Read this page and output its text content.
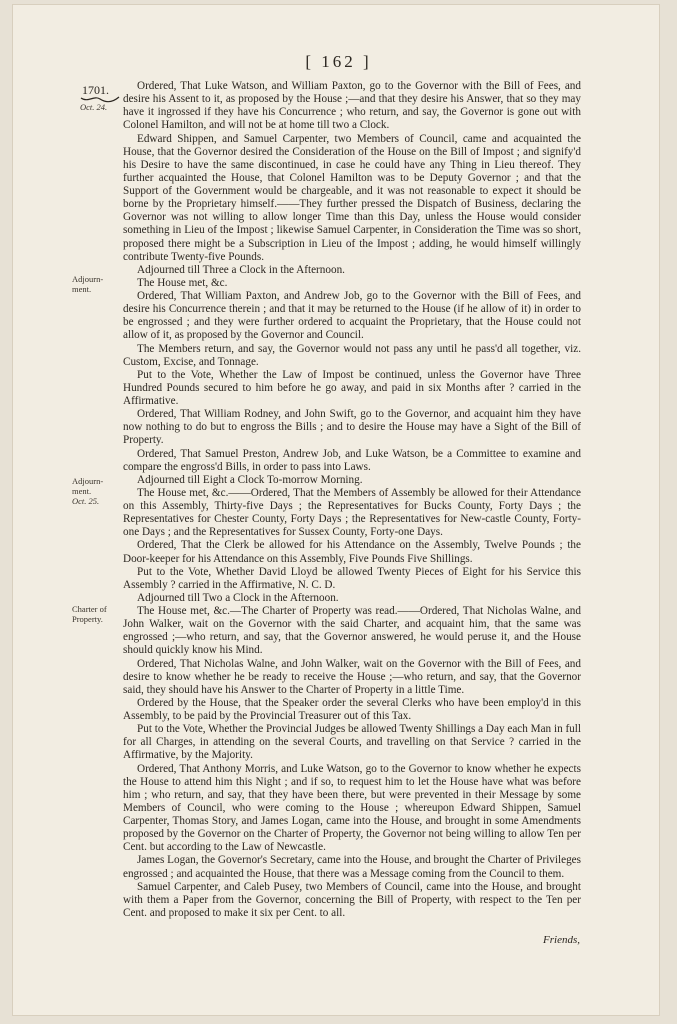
[ 162 ]
1701.
Oct. 24.
Adjourn-
ment.
Adjourn-
ment.
Oct. 25.
Charter of
Property.

Ordered, That Luke Watson, and William Paxton, go to the Governor with the Bill of Fees, and desire his Assent to it, as proposed by the House ;—and that they desire his Answer, that so they may have it ingrossed if they have his Concurrence ; who return, and say, the Governor is gone out with Colonel Hamilton, and will not be at home till two a Clock.

Edward Shippen, and Samuel Carpenter, two Members of Council, came and acquainted the House, that the Governor desired the Consideration of the House on the Bill of Impost ; and signify'd his Desire to have the same discontinued, in case he could have any Thing in Lieu thereof. They further acquainted the House, that Colonel Hamilton was to be Deputy Governor ; and that the Support of the Government would be chargeable, and it was not reasonable to expect it should be borne by the Proprietary himself.——They further pressed the Dispatch of Business, declaring the Governor was not willing to allow longer Time than this Day, unless the House would consider something in Lieu of the Impost ; likewise Samuel Carpenter, in Consideration the Time was so short, proposed there might be a Subscription in Lieu of the Impost ; adding, he would himself willingly contribute Twenty-five Pounds.

Adjourned till Three a Clock in the Afternoon.

The House met, &c.

Ordered, That William Paxton, and Andrew Job, go to the Governor with the Bill of Fees, and desire his Concurrence therein ; and that it may be returned to the House (if he allow of it) in order to be engrossed ; and they were further ordered to acquaint the Proprietary, that the House could not allow of it, as proposed by the Governor and Council.

The Members return, and say, the Governor would not pass any until he pass'd all together, viz. Custom, Excise, and Tonnage.

Put to the Vote, Whether the Law of Impost be continued, unless the Governor have Three Hundred Pounds secured to him before he go away, and paid in six Months after ? carried in the Affirmative.

Ordered, That William Rodney, and John Swift, go to the Governor, and acquaint him they have now nothing to do but to engross the Bills ; and to desire the House may have a Sight of the Bill of Property.

Ordered, That Samuel Preston, Andrew Job, and Luke Watson, be a Committee to examine and compare the engross'd Bills, in order to pass into Laws.

Adjourned till Eight a Clock To-morrow Morning.

The House met, &c.——Ordered, That the Members of Assembly be allowed for their Attendance on this Assembly, Thirty-five Days ; the Representatives for Bucks County, Forty Days ; the Representatives for Chester County, Forty Days ; the Representatives for New-castle County, Forty-one Days ; and the Representatives for Sussex County, Forty-one Days.

Ordered, That the Clerk be allowed for his Attendance on the Assembly, Twelve Pounds ; the Door-keeper for his Attendance on this Assembly, Five Pounds Five Shillings.

Put to the Vote, Whether David Lloyd be allowed Twenty Pieces of Eight for his Service this Assembly ? carried in the Affirmative, N. C. D.

Adjourned till Two a Clock in the Afternoon.

The House met, &c.—The Charter of Property was read.——Ordered, That Nicholas Walne, and John Walker, wait on the Governor with the said Charter, and acquaint him, that the same was engrossed ;—who return, and say, that the Governor answered, he would peruse it, and the House should quickly know his Mind.

Ordered, That Nicholas Walne, and John Walker, wait on the Governor with the Bill of Fees, and desire to know whether he be ready to receive the House ;—who return, and say, that the Governor said, they should have his Answer to the Charter of Property in a little Time.

Ordered by the House, that the Speaker order the several Clerks who have been employ'd in this Assembly, to be paid by the Provincial Treasurer out of this Tax.

Put to the Vote, Whether the Provincial Judges be allowed Twenty Shillings a Day each Man in full for all Charges, in attending on the several Courts, and travelling on that Service ? carried in the Affirmative, by the Majority.

Ordered, That Anthony Morris, and Luke Watson, go to the Governor to know whether he expects the House to attend him this Night ; and if so, to request him to let the House have what was before him ; who return, and say, that they have been there, but were prevented in their Message by some Members of Council, who were coming to the House ; whereupon Edward Shippen, Samuel Carpenter, Thomas Story, and James Logan, came into the House, and brought in some Amendments proposed by the Governor on the Charter of Property, the Governor not being willing to allow Ten per Cent. but according to the Law of Newcastle.

James Logan, the Governor's Secretary, came into the House, and brought the Charter of Privileges engrossed ; and acquainted the House, that there was a Message coming from the Council to them.

Samuel Carpenter, and Caleb Pusey, two Members of Council, came into the House, and brought with them a Paper from the Governor, concerning the Bill of Property, with respect to the Ten per Cent. and proposed to make it six per Cent. to all.

Friends,
